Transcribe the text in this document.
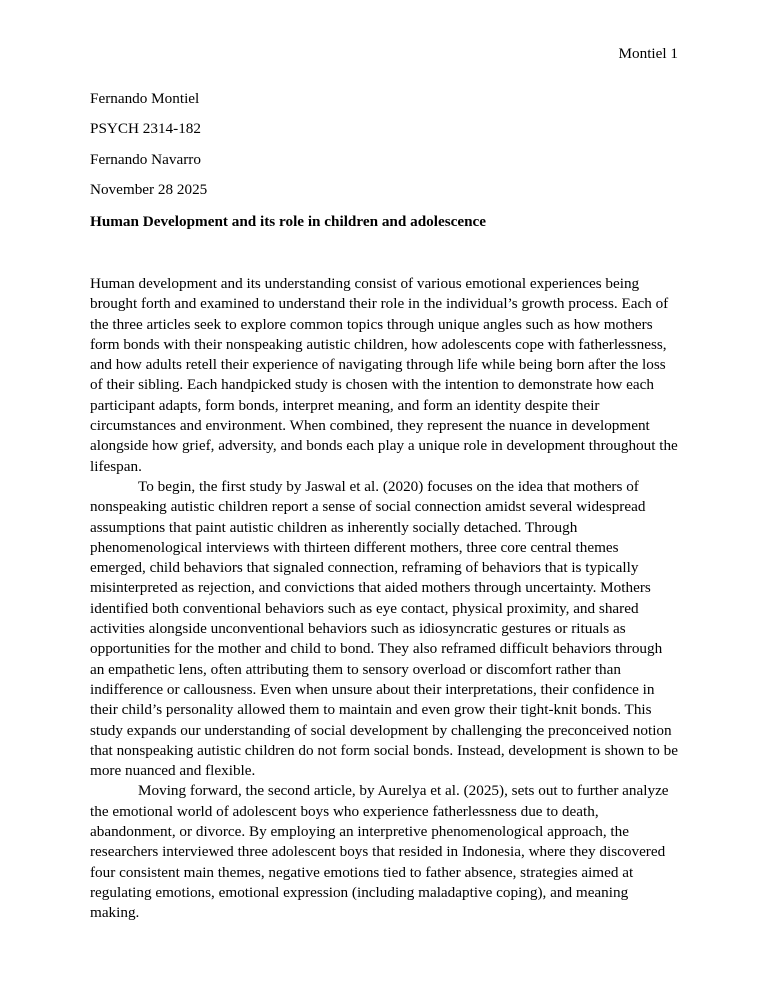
Montiel 1

Fernando Montiel

PSYCH 2314-182

Fernando Navarro

November 28 2025

Human Development and its role in children and adolescence

Human development and its understanding consist of various emotional experiences being brought forth and examined to understand their role in the individual’s growth process. Each of the three articles seek to explore common topics through unique angles such as how mothers form bonds with their nonspeaking autistic children, how adolescents cope with fatherlessness, and how adults retell their experience of navigating through life while being born after the loss of their sibling. Each handpicked study is chosen with the intention to demonstrate how each participant adapts, form bonds, interpret meaning, and form an identity despite their circumstances and environment. When combined, they represent the nuance in development alongside how grief, adversity, and bonds each play a unique role in development throughout the lifespan.

To begin, the first study by Jaswal et al. (2020) focuses on the idea that mothers of nonspeaking autistic children report a sense of social connection amidst several widespread assumptions that paint autistic children as inherently socially detached. Through phenomenological interviews with thirteen different mothers, three core central themes emerged, child behaviors that signaled connection, reframing of behaviors that is typically misinterpreted as rejection, and convictions that aided mothers through uncertainty. Mothers identified both conventional behaviors such as eye contact, physical proximity, and shared activities alongside unconventional behaviors such as idiosyncratic gestures or rituals as opportunities for the mother and child to bond. They also reframed difficult behaviors through an empathetic lens, often attributing them to sensory overload or discomfort rather than indifference or callousness. Even when unsure about their interpretations, their confidence in their child’s personality allowed them to maintain and even grow their tight-knit bonds. This study expands our understanding of social development by challenging the preconceived notion that nonspeaking autistic children do not form social bonds. Instead, development is shown to be more nuanced and flexible.

Moving forward, the second article, by Aurelya et al. (2025), sets out to further analyze the emotional world of adolescent boys who experience fatherlessness due to death, abandonment, or divorce. By employing an interpretive phenomenological approach, the researchers interviewed three adolescent boys that resided in Indonesia, where they discovered four consistent main themes, negative emotions tied to father absence, strategies aimed at regulating emotions, emotional expression (including maladaptive coping), and meaning making.
